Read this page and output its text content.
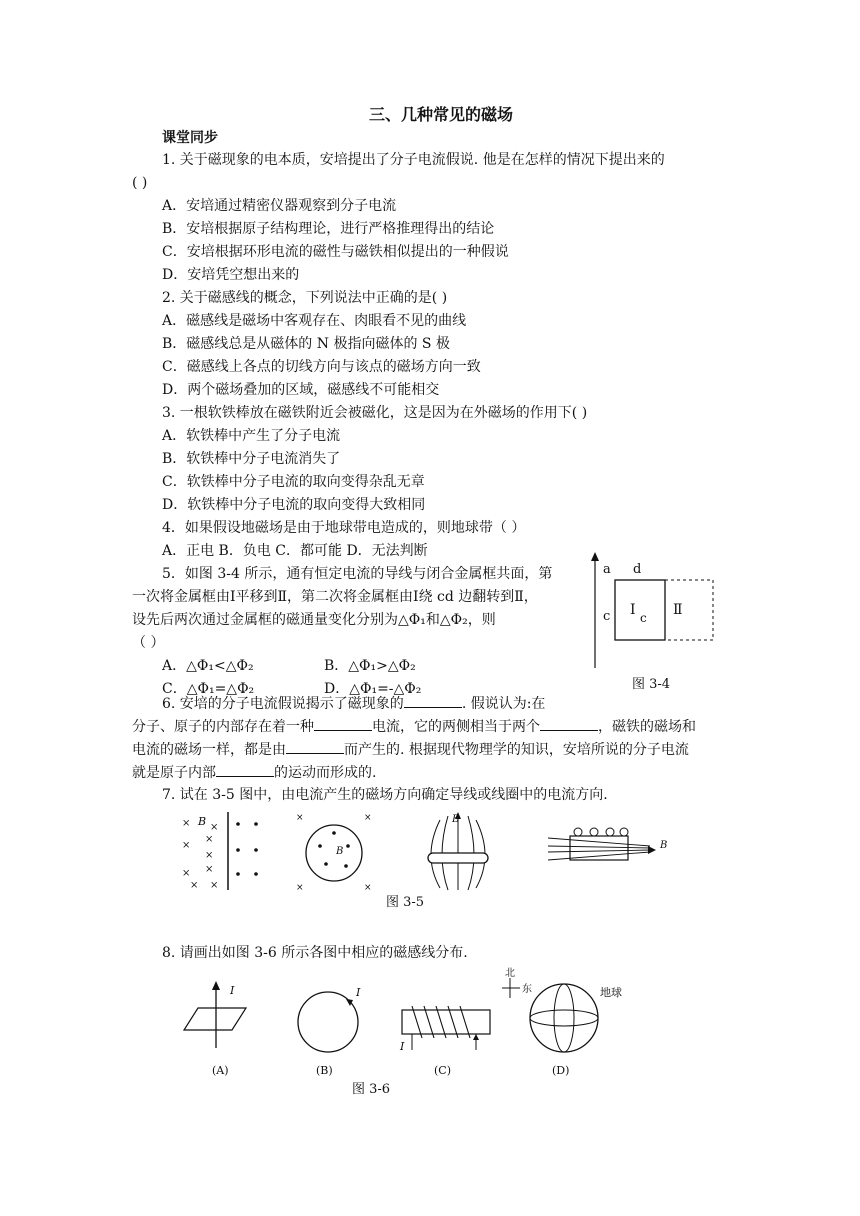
三、几种常见的磁场
课堂同步
1. 关于磁现象的电本质，安培提出了分子电流假说. 他是在怎样的情况下提出来的
( )
A．安培通过精密仪器观察到分子电流
B．安培根据原子结构理论，进行严格推理得出的结论
C．安培根据环形电流的磁性与磁铁相似提出的一种假说
D．安培凭空想出来的
2. 关于磁感线的概念，下列说法中正确的是( )
A．磁感线是磁场中客观存在、肉眼看不见的曲线
B．磁感线总是从磁体的 N 极指向磁体的 S 极
C．磁感线上各点的切线方向与该点的磁场方向一致
D．两个磁场叠加的区域，磁感线不可能相交
3. 一根软铁棒放在磁铁附近会被磁化，这是因为在外磁场的作用下( )
A．软铁棒中产生了分子电流
B．软铁棒中分子电流消失了
C．软铁棒中分子电流的取向变得杂乱无章
D．软铁棒中分子电流的取向变得大致相同
4．如果假设地磁场是由于地球带电造成的，则地球带（ ）
A．正电 B．负电 C．都可能 D．无法判断
5．如图 3-4 所示，通有恒定电流的导线与闭合金属框共面，第
一次将金属框由Ⅰ平移到Ⅱ，第二次将金属框由Ⅰ绕 cd 边翻转到Ⅱ，
设先后两次通过金属框的磁通量变化分别为△Φ₁和△Φ₂，则
（ ）
A．△Φ₁<△Φ₂	B．△Φ₁>△Φ₂
C．△Φ₁=△Φ₂	D．△Φ₁=-△Φ₂
a d
c Ⅰ c Ⅱ
图 3-4
6. 安培的分子电流假说揭示了磁现象的	. 假说认为:在
分子、原子的内部存在着一种	电流，它的两侧相当于两个	，磁铁的磁场和
电流的磁场一样，都是由	而产生的. 根据现代物理学的知识，安培所说的分子电流
就是原子内部	的运动而形成的.
7. 试在 3-5 图中，由电流产生的磁场方向确定导线或线圈中的电流方向.
× B ×
×
×
×
× ×
×
×
×	×
×	×
B
B
B
图 3-5
8. 请画出如图 3-6 所示各图中相应的磁感线分布.
I
(A)
I
(B)
I
(C)
北
东	地球
(D)
图 3-6
